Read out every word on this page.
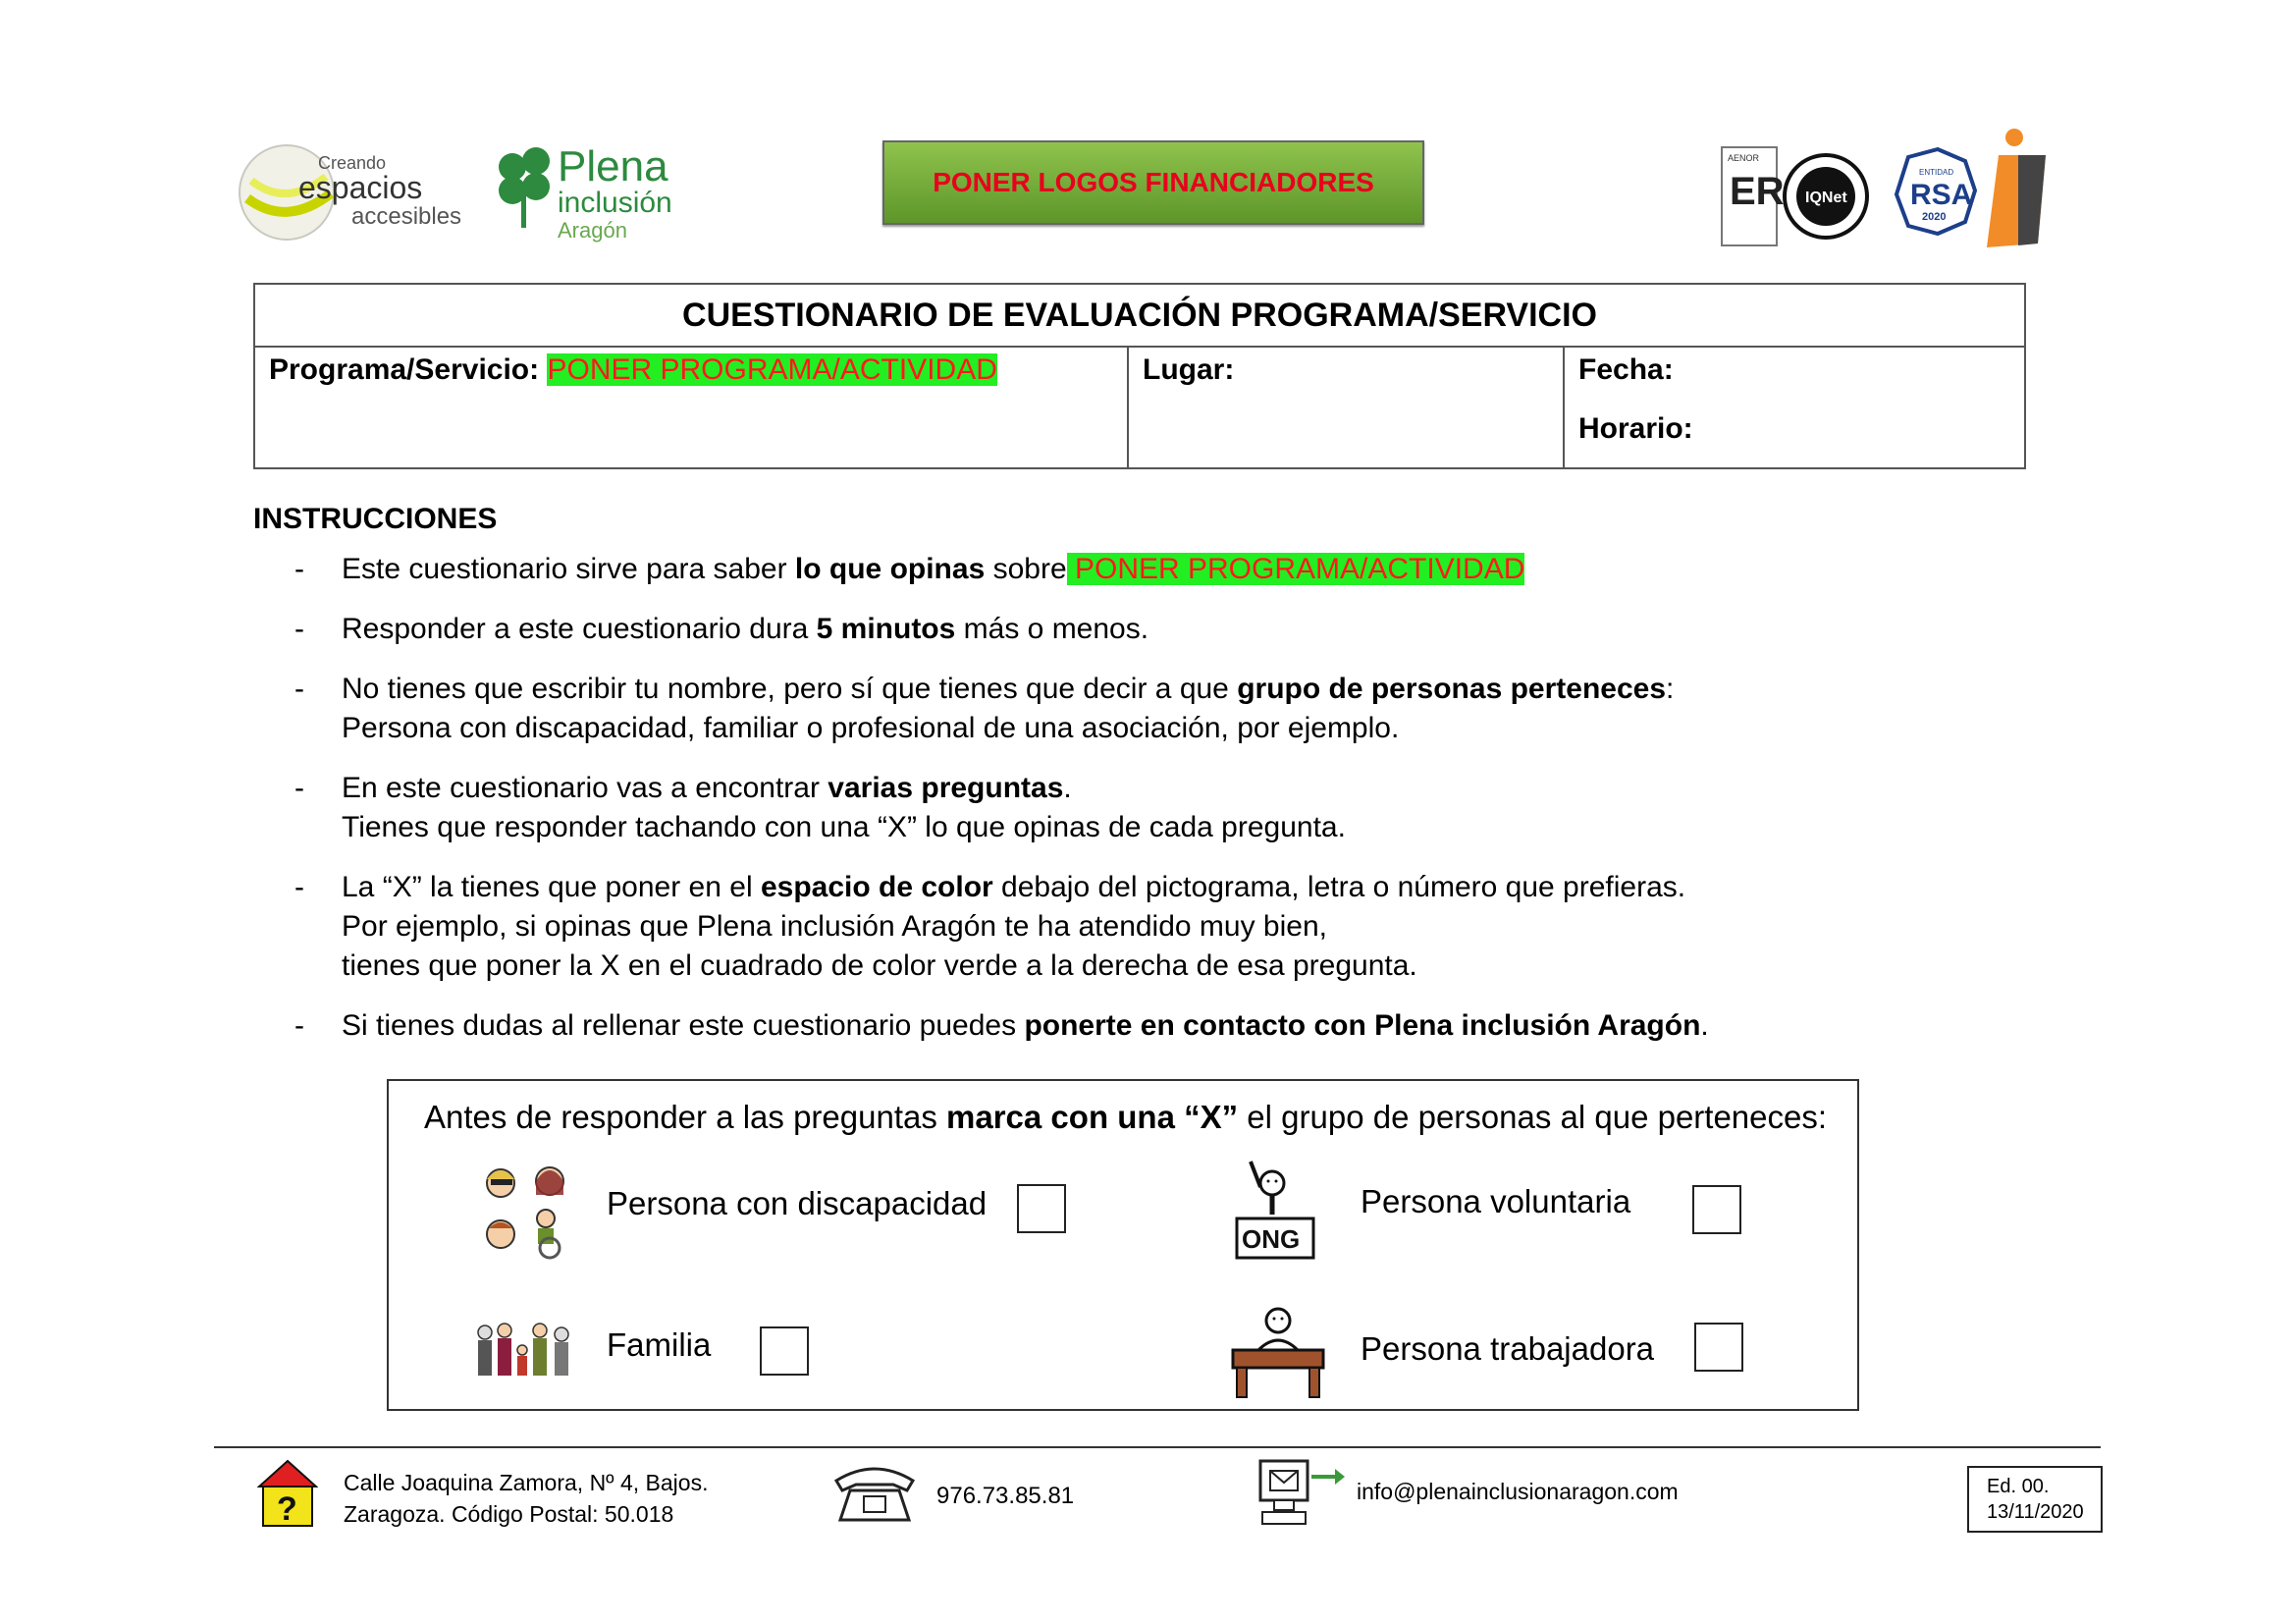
Creando
espacios
accesibles
Plena
inclusión
Aragón
PONER LOGOS FINANCIADORES
AENOR
ER IQNet
ENTIDAD
RSA
2020
CUESTIONARIO DE EVALUACIÓN PROGRAMA/SERVICIO
Programa/Servicio: PONER PROGRAMA/ACTIVIDAD	Lugar:	Fecha:
Horario:
INSTRUCCIONES
- Este cuestionario sirve para saber lo que opinas sobre PONER PROGRAMA/ACTIVIDAD
- Responder a este cuestionario dura 5 minutos más o menos.
- No tienes que escribir tu nombre, pero sí que tienes que decir a que grupo de personas perteneces:
Persona con discapacidad, familiar o profesional de una asociación, por ejemplo.
- En este cuestionario vas a encontrar varias preguntas.
Tienes que responder tachando con una “X” lo que opinas de cada pregunta.
- La “X” la tienes que poner en el espacio de color debajo del pictograma, letra o número que prefieras.
Por ejemplo, si opinas que Plena inclusión Aragón te ha atendido muy bien,
tienes que poner la X en el cuadrado de color verde a la derecha de esa pregunta.
- Si tienes dudas al rellenar este cuestionario puedes ponerte en contacto con Plena inclusión Aragón.
Antes de responder a las preguntas marca con una “X” el grupo de personas al que perteneces:
Persona con discapacidad
ONG
Persona voluntaria
Familia	Persona trabajadora
?
Calle Joaquina Zamora, Nº 4, Bajos.
Zaragoza. Código Postal: 50.018
976.73.85.81	info@plenainclusionaragon.com	Ed. 00.
13/11/2020
